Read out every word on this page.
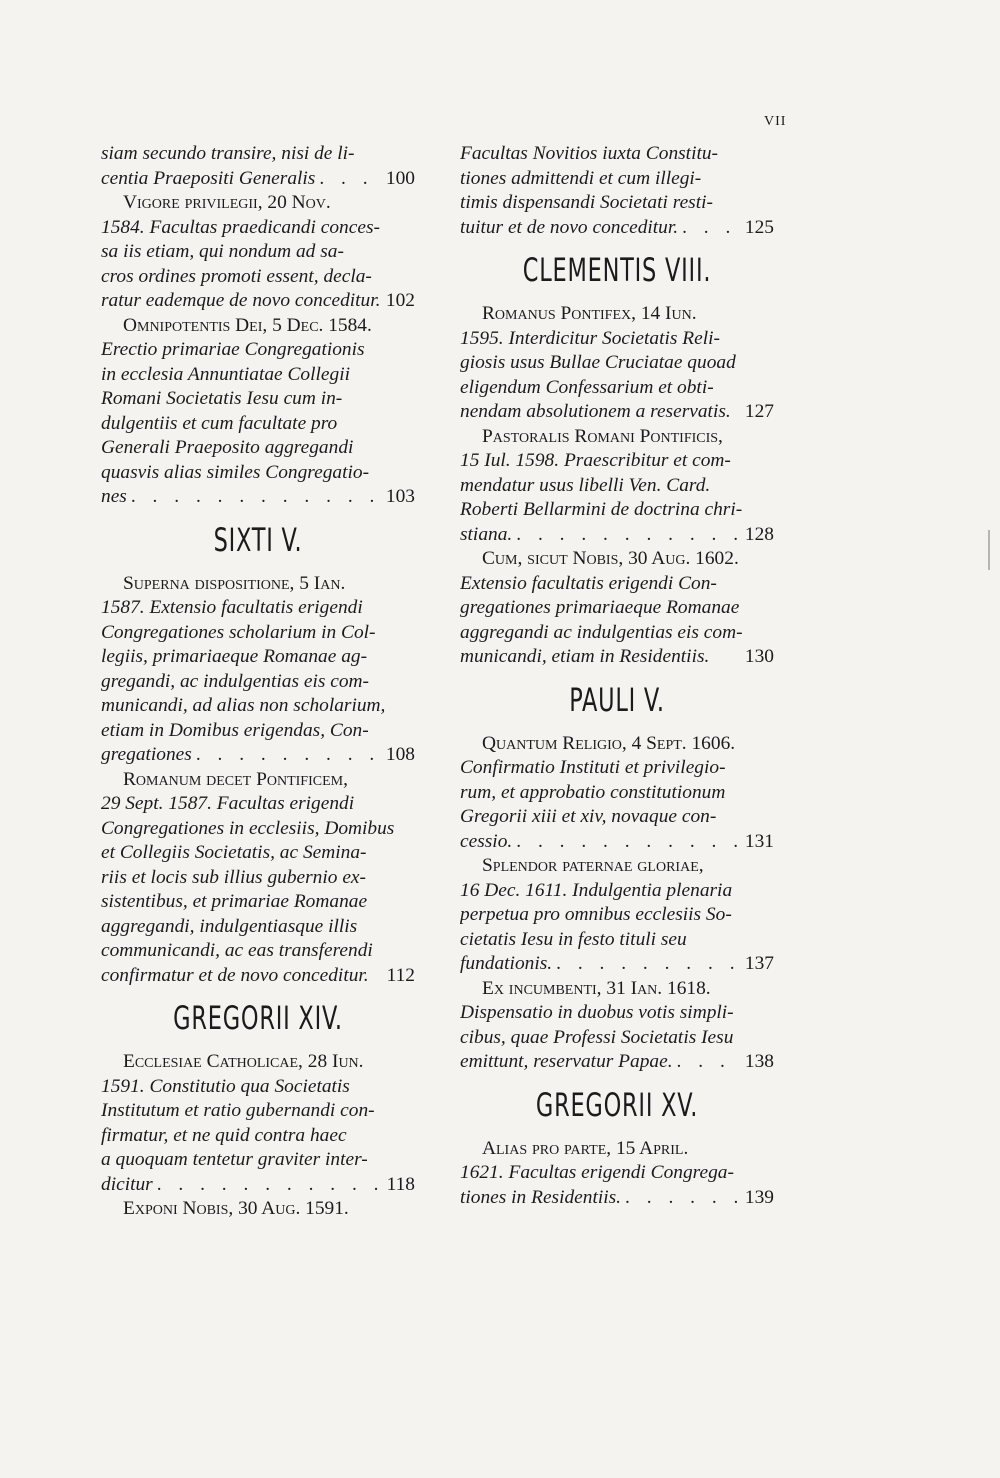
VII
siam secundo transire, nisi de li-
centia Praepositi Generalis . . .	100
Vigore privilegii, 20 Nov.
1584. Facultas praedicandi conces-
sa iis etiam, qui nondum ad sa-
cros ordines promoti essent, decla-
ratur eademque de novo conceditur. 102
Omnipotentis Dei, 5 Dec. 1584.
Erectio primariae Congregationis
in ecclesia Annuntiatae Collegii
Romani Societatis Iesu cum in-
dulgentiis et cum facultate pro
Generali Praeposito aggregandi
quasvis alias similes Congregatio-
nes . . .	103
SIXTI V.
Superna dispositione, 5 Ian.
1587. Extensio facultatis erigendi
Congregationes scholarium in Col-
legiis, primariaeque Romanae ag-
gregandi, ac indulgentias eis com-
municandi, ad alias non scholarium,
etiam in Domibus erigendas, Con-
gregationes . . .	108
Romanum decet Pontificem,
29 Sept. 1587. Facultas erigendi
Congregationes in ecclesiis, Domibus
et Collegiis Societatis, ac Semina-
riis et locis sub illius gubernio ex-
sistentibus, et primariae Romanae
aggregandi, indulgentiasque illis
communicandi, ac eas transferendi
confirmatur et de novo conceditur. 112
GREGORII XIV.
Ecclesiae Catholicae, 28 Iun.
1591. Constitutio qua Societatis
Institutum et ratio gubernandi con-
firmatur, et ne quid contra haec
a quoquam tentetur graviter inter-
dicitur . . .	118
Exponi Nobis, 30 Aug. 1591.
Facultas Novitios iuxta Constitu-
tiones admittendi et cum illegi-
timis dispensandi Societati resti-
tuitur et de novo conceditur. . . .	125
CLEMENTIS VIII.
Romanus Pontifex, 14 Iun.
1595. Interdicitur Societatis Reli-
giosis usus Bullae Cruciatae quoad
eligendum Confessarium et obti-
nendam absolutionem a reservatis. 127
Pastoralis Romani Pontificis,
15 Iul. 1598. Praescribitur et com-
mendatur usus libelli Ven. Card.
Roberti Bellarmini de doctrina chri-
stiana. . . .	128
Cum, sicut Nobis, 30 Aug. 1602.
Extensio facultatis erigendi Con-
gregationes primariaeque Romanae
aggregandi ac indulgentias eis com-
municandi, etiam in Residentiis. 130
PAULI V.
Quantum Religio, 4 Sept. 1606.
Confirmatio Instituti et privilegio-
rum, et approbatio constitutionum
Gregorii xiii et xiv, novaque con-
cessio. . . .	131
Splendor paternae gloriae,
16 Dec. 1611. Indulgentia plenaria
perpetua pro omnibus ecclesiis So-
cietatis Iesu in festo tituli seu
fundationis. . . .	137
Ex incumbenti, 31 Ian. 1618.
Dispensatio in duobus votis simpli-
cibus, quae Professi Societatis Iesu
emittunt, reservatur Papae. . . .	138
GREGORII XV.
Alias pro parte, 15 April.
1621. Facultas erigendi Congrega-
tiones in Residentiis. . . .	139
